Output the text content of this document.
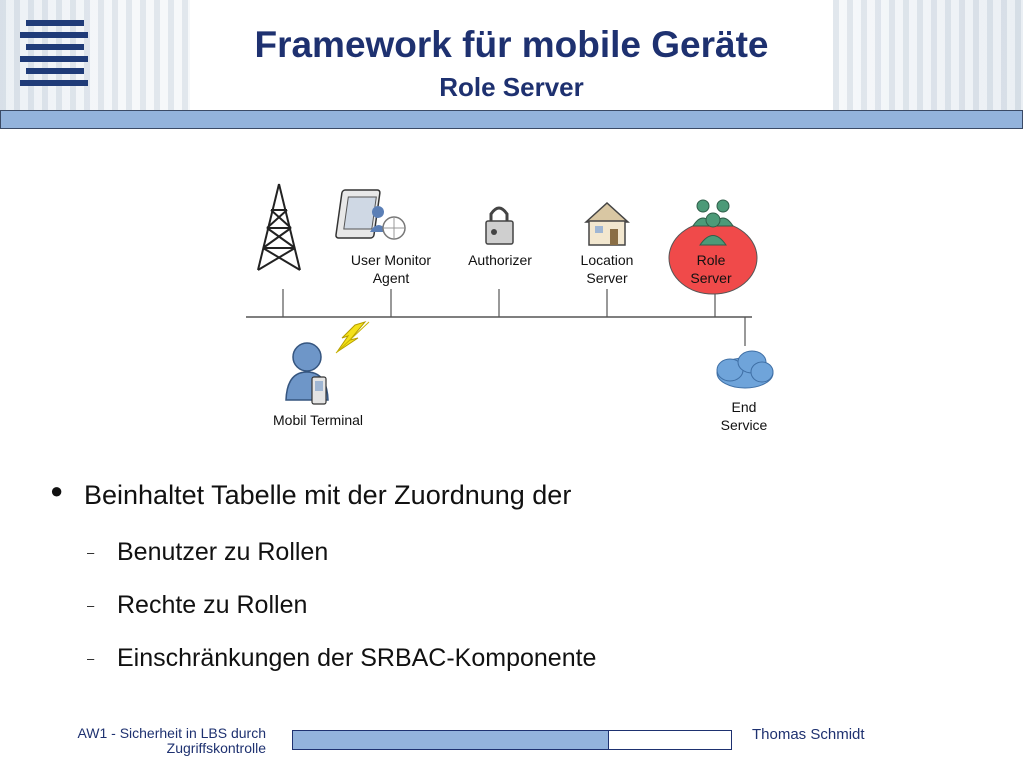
Framework für mobile Geräte
Role Server
User Monitor Agent
Authorizer	Location Server
Role Server
Mobil Terminal
End Service
● Beinhaltet Tabelle mit der Zuordnung der
– Benutzer zu Rollen
– Rechte zu Rollen
– Einschränkungen der SRBAC-Komponente
AW1 - Sicherheit in LBS durch Zugriffskontrolle
Thomas Schmidt
